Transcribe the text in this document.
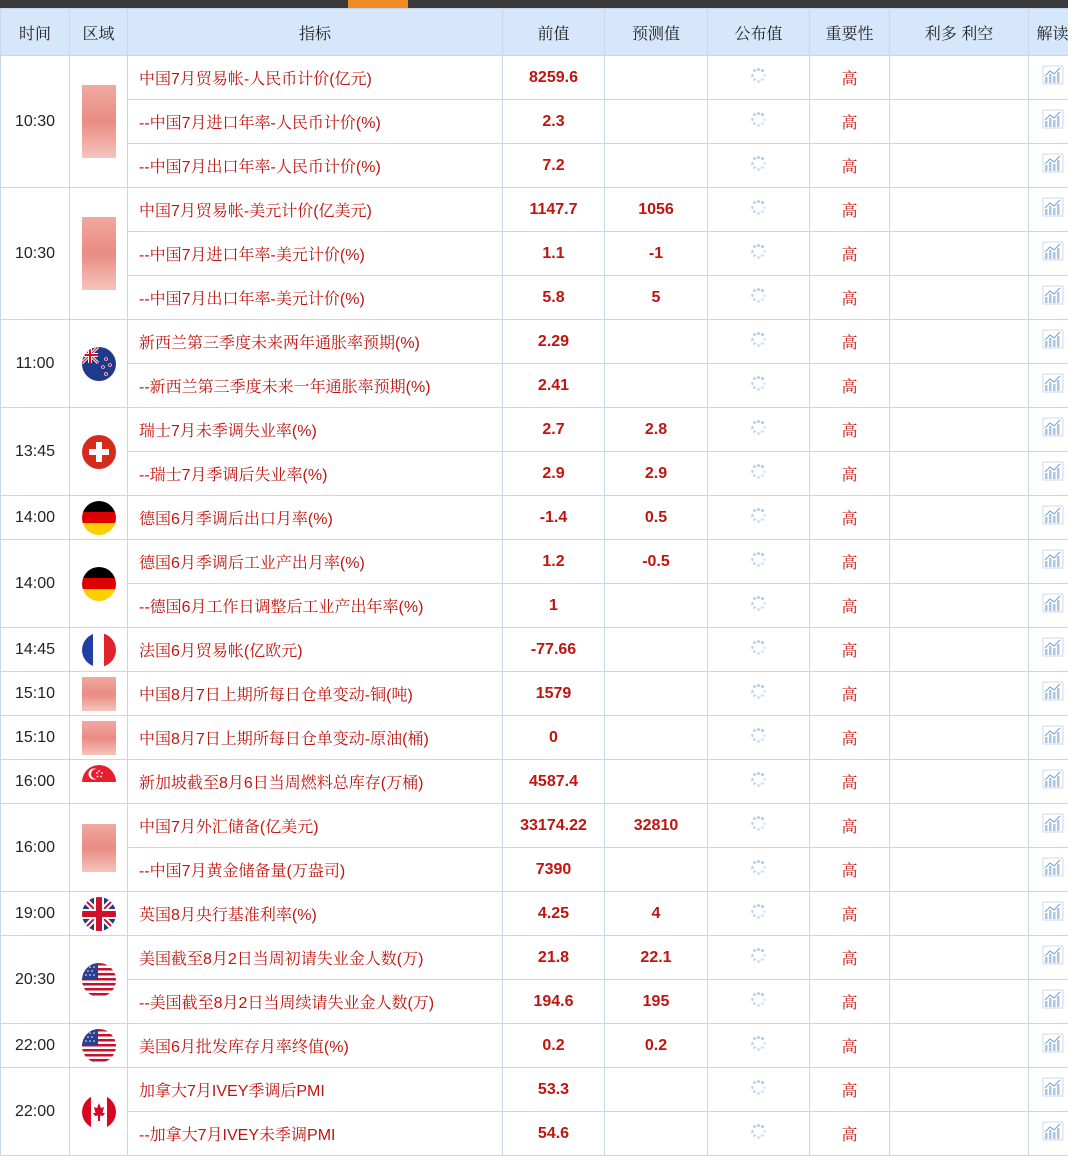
时间	区域	指标	前值	预测值	公布值	重要性	利多 利空	解读
10:30		中国7月贸易帐-人民币计价(亿元)	8259.6			高		
		--中国7月进口年率-人民币计价(%)	2.3			高		
		--中国7月出口年率-人民币计价(%)	7.2			高		
10:30		中国7月贸易帐-美元计价(亿美元)	1147.7	1056		高		
		--中国7月进口年率-美元计价(%)	1.1	-1		高		
		--中国7月出口年率-美元计价(%)	5.8	5		高		
11:00		新西兰第三季度未来两年通胀率预期(%)	2.29			高		
		--新西兰第三季度未来一年通胀率预期(%)	2.41			高		
13:45		瑞士7月未季调失业率(%)	2.7	2.8		高		
		--瑞士7月季调后失业率(%)	2.9	2.9		高		
14:00		德国6月季调后出口月率(%)	-1.4	0.5		高		
14:00		德国6月季调后工业产出月率(%)	1.2	-0.5		高		
		--德国6月工作日调整后工业产出年率(%)	1			高		
14:45		法国6月贸易帐(亿欧元)	-77.66			高		
15:10		中国8月7日上期所每日仓单变动-铜(吨)	1579			高		
15:10		中国8月7日上期所每日仓单变动-原油(桶)	0			高		
16:00		新加坡截至8月6日当周燃料总库存(万桶)	4587.4			高		
16:00		中国7月外汇储备(亿美元)	33174.22	32810		高		
		--中国7月黄金储备量(万盎司)	7390			高		
19:00		英国8月央行基准利率(%)	4.25	4		高		
20:30		美国截至8月2日当周初请失业金人数(万)	21.8	22.1		高		
		--美国截至8月2日当周续请失业金人数(万)	194.6	195		高		
22:00		美国6月批发库存月率终值(%)	0.2	0.2		高		
22:00		加拿大7月IVEY季调后PMI	53.3			高		
		--加拿大7月IVEY未季调PMI	54.6			高		
